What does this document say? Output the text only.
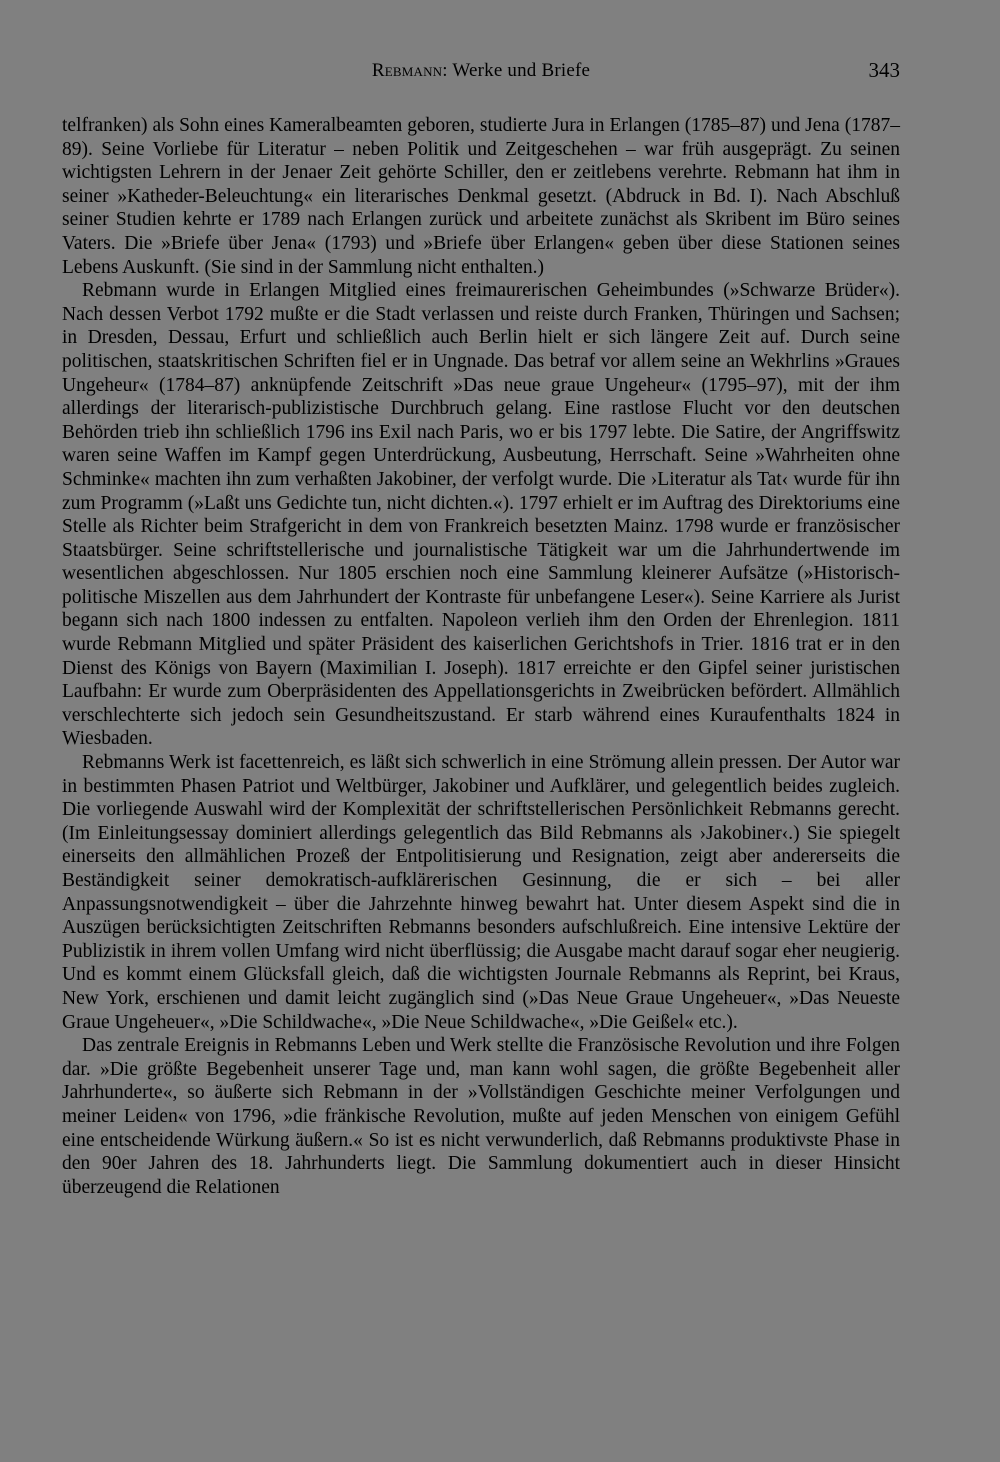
Rebmann: Werke und Briefe	343

telfranken) als Sohn eines Kameralbeamten geboren, studierte Jura in Erlangen (1785–87) und Jena (1787–89). Seine Vorliebe für Literatur – neben Politik und Zeitgeschehen – war früh ausgeprägt. Zu seinen wichtigsten Lehrern in der Jenaer Zeit gehörte Schiller, den er zeitlebens verehrte. Rebmann hat ihm in seiner »Katheder-Beleuchtung« ein literarisches Denkmal gesetzt. (Abdruck in Bd. I). Nach Abschluß seiner Studien kehrte er 1789 nach Erlangen zurück und arbeitete zunächst als Skribent im Büro seines Vaters. Die »Briefe über Jena« (1793) und »Briefe über Erlangen« geben über diese Stationen seines Lebens Auskunft. (Sie sind in der Sammlung nicht enthalten.)

Rebmann wurde in Erlangen Mitglied eines freimaurerischen Geheimbundes (»Schwarze Brüder«). Nach dessen Verbot 1792 mußte er die Stadt verlassen und reiste durch Franken, Thüringen und Sachsen; in Dresden, Dessau, Erfurt und schließlich auch Berlin hielt er sich längere Zeit auf. Durch seine politischen, staatskritischen Schriften fiel er in Ungnade. Das betraf vor allem seine an Wekhrlins »Graues Ungeheur« (1784–87) anknüpfende Zeitschrift »Das neue graue Ungeheur« (1795–97), mit der ihm allerdings der literarisch-publizistische Durchbruch gelang. Eine rastlose Flucht vor den deutschen Behörden trieb ihn schließlich 1796 ins Exil nach Paris, wo er bis 1797 lebte. Die Satire, der Angriffswitz waren seine Waffen im Kampf gegen Unterdrückung, Ausbeutung, Herrschaft. Seine »Wahrheiten ohne Schminke« machten ihn zum verhaßten Jakobiner, der verfolgt wurde. Die ›Literatur als Tat‹ wurde für ihn zum Programm (»Laßt uns Gedichte tun, nicht dichten.«). 1797 erhielt er im Auftrag des Direktoriums eine Stelle als Richter beim Strafgericht in dem von Frankreich besetzten Mainz. 1798 wurde er französischer Staatsbürger. Seine schriftstellerische und journalistische Tätigkeit war um die Jahrhundertwende im wesentlichen abgeschlossen. Nur 1805 erschien noch eine Sammlung kleinerer Aufsätze (»Historisch-politische Miszellen aus dem Jahrhundert der Kontraste für unbefangene Leser«). Seine Karriere als Jurist begann sich nach 1800 indessen zu entfalten. Napoleon verlieh ihm den Orden der Ehrenlegion. 1811 wurde Rebmann Mitglied und später Präsident des kaiserlichen Gerichtshofs in Trier. 1816 trat er in den Dienst des Königs von Bayern (Maximilian I. Joseph). 1817 erreichte er den Gipfel seiner juristischen Laufbahn: Er wurde zum Oberpräsidenten des Appellationsgerichts in Zweibrücken befördert. Allmählich verschlechterte sich jedoch sein Gesundheitszustand. Er starb während eines Kuraufenthalts 1824 in Wiesbaden.

Rebmanns Werk ist facettenreich, es läßt sich schwerlich in eine Strömung allein pressen. Der Autor war in bestimmten Phasen Patriot und Weltbürger, Jakobiner und Aufklärer, und gelegentlich beides zugleich. Die vorliegende Auswahl wird der Komplexität der schriftstellerischen Persönlichkeit Rebmanns gerecht. (Im Einleitungsessay dominiert allerdings gelegentlich das Bild Rebmanns als ›Jakobiner‹.) Sie spiegelt einerseits den allmählichen Prozeß der Entpolitisierung und Resignation, zeigt aber andererseits die Beständigkeit seiner demokratisch-aufklärerischen Gesinnung, die er sich – bei aller Anpassungsnotwendigkeit – über die Jahrzehnte hinweg bewahrt hat. Unter diesem Aspekt sind die in Auszügen berücksichtigten Zeitschriften Rebmanns besonders aufschlußreich. Eine intensive Lektüre der Publizistik in ihrem vollen Umfang wird nicht überflüssig; die Ausgabe macht darauf sogar eher neugierig. Und es kommt einem Glücksfall gleich, daß die wichtigsten Journale Rebmanns als Reprint, bei Kraus, New York, erschienen und damit leicht zugänglich sind (»Das Neue Graue Ungeheuer«, »Das Neueste Graue Ungeheuer«, »Die Schildwache«, »Die Neue Schildwache«, »Die Geißel« etc.).

Das zentrale Ereignis in Rebmanns Leben und Werk stellte die Französische Revolution und ihre Folgen dar. »Die größte Begebenheit unserer Tage und, man kann wohl sagen, die größte Begebenheit aller Jahrhunderte«, so äußerte sich Rebmann in der »Vollständigen Geschichte meiner Verfolgungen und meiner Leiden« von 1796, »die fränkische Revolution, mußte auf jeden Menschen von einigem Gefühl eine entscheidende Würkung äußern.« So ist es nicht verwunderlich, daß Rebmanns produktivste Phase in den 90er Jahren des 18. Jahrhunderts liegt. Die Sammlung dokumentiert auch in dieser Hinsicht überzeugend die Relationen
